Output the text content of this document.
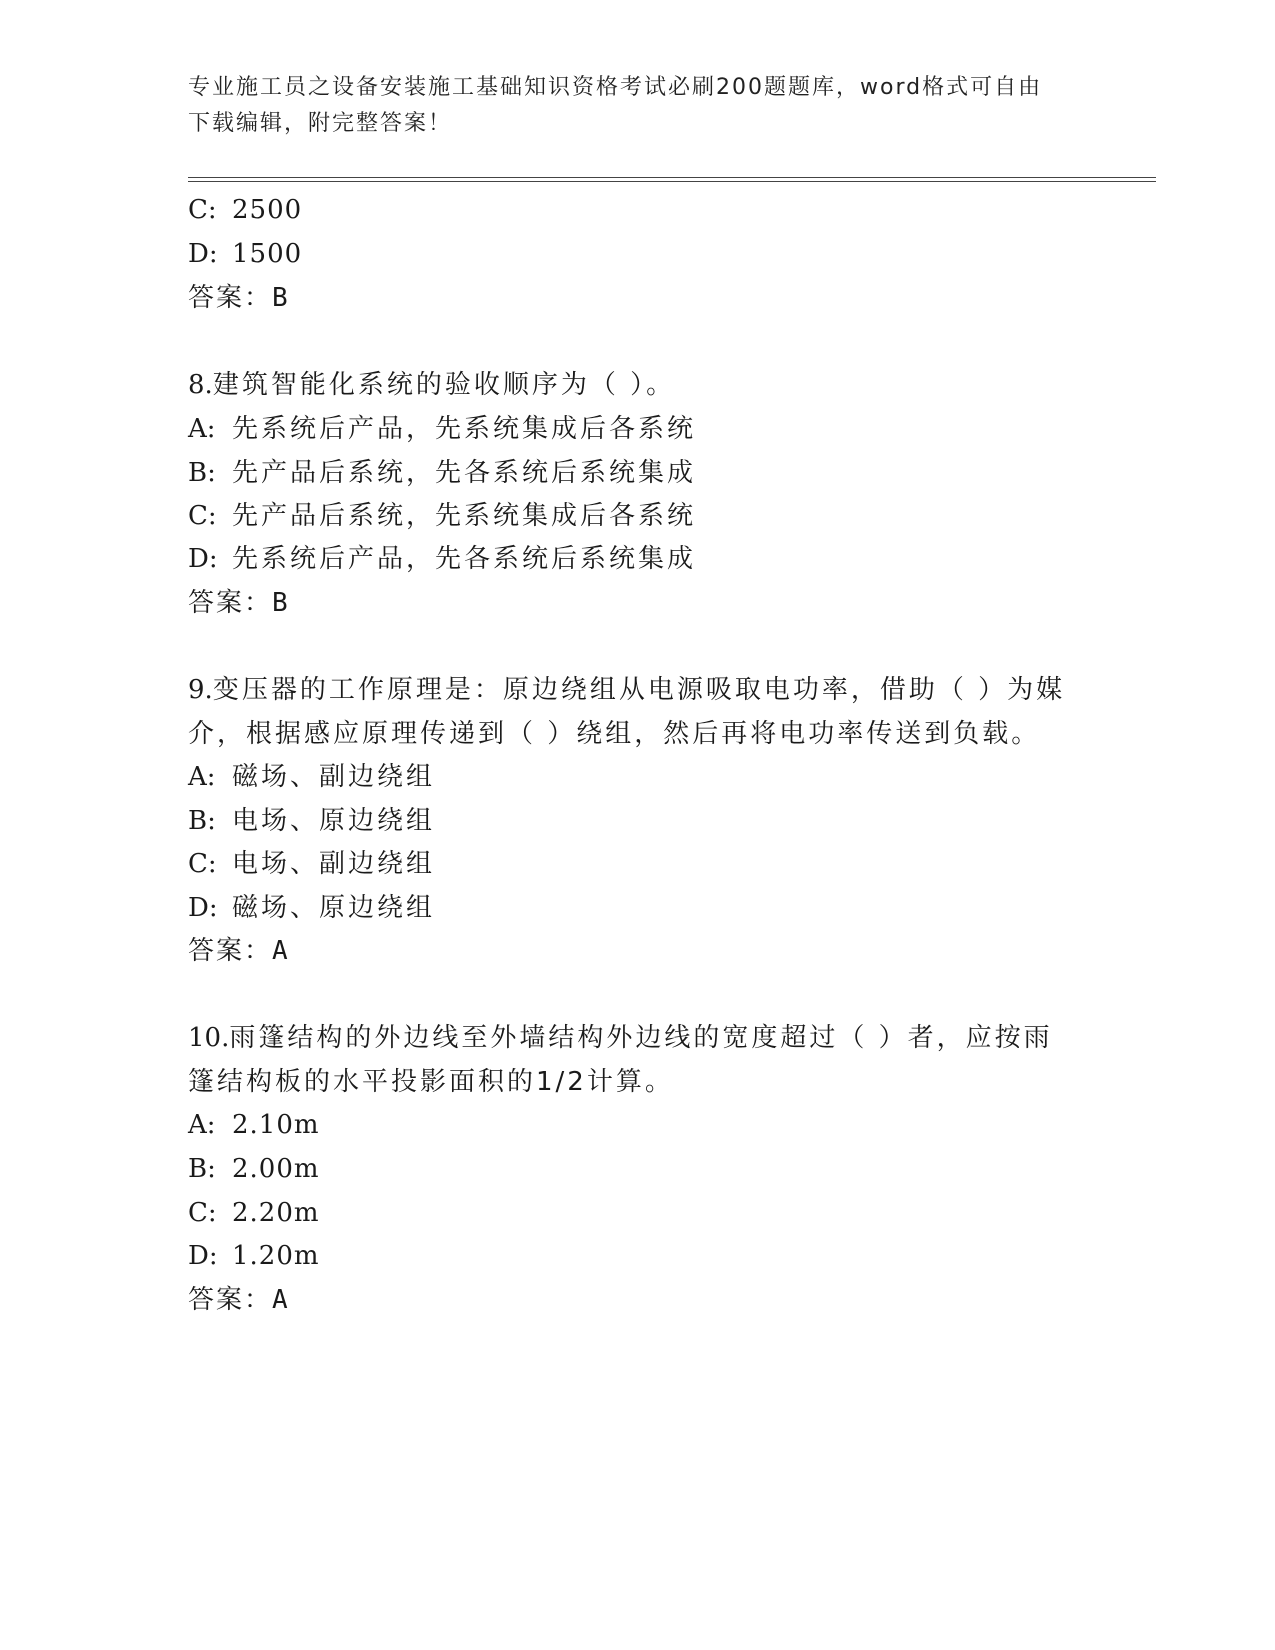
专业施工员之设备安装施工基础知识资格考试必刷200题题库，word格式可自由
下载编辑，附完整答案！
C: 2500
D: 1500
答案：B
8.建筑智能化系统的验收顺序为（ ）。
A: 先系统后产品，先系统集成后各系统
B: 先产品后系统，先各系统后系统集成
C: 先产品后系统，先系统集成后各系统
D: 先系统后产品，先各系统后系统集成
答案：B
9.变压器的工作原理是：原边绕组从电源吸取电功率，借助（ ）为媒
介，根据感应原理传递到（ ）绕组，然后再将电功率传送到负载。
A: 磁场、副边绕组
B: 电场、原边绕组
C: 电场、副边绕组
D: 磁场、原边绕组
答案：A
10.雨篷结构的外边线至外墙结构外边线的宽度超过（ ）者，应按雨
篷结构板的水平投影面积的1/2计算。
A: 2.10m
B: 2.00m
C: 2.20m
D: 1.20m
答案：A
